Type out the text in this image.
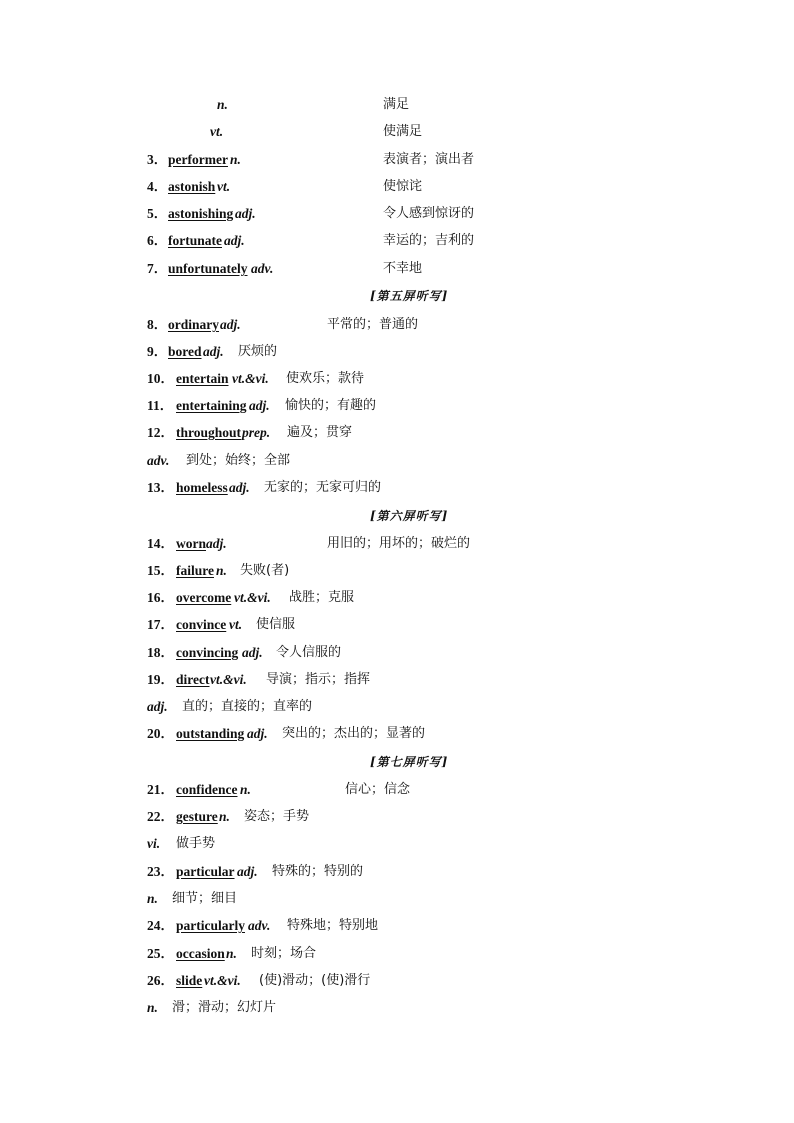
n.	满足
vt.	使满足
3． performer n.	表演者；演出者
4． astonish vt.	使惊诧
5． astonishing adj.	令人感到惊讶的
6． fortunate adj.	幸运的；吉利的
7． unfortunately adv.	不幸地
[第五屏听写]
8． ordinary adj.	平常的；普通的
9． bored adj. 厌烦的
10． entertain vt.&vi. 使欢乐；款待
11． entertaining adj. 愉快的；有趣的
12． throughout prep. 遍及；贯穿
adv. 到处；始终；全部
13． homeless adj. 无家的；无家可归的
[第六屏听写]
14． worn adj.	用旧的；用坏的；破烂的
15． failure n. 失败(者)
16． overcome vt.&vi. 战胜；克服
17． convince vt. 使信服
18． convincing adj. 令人信服的
19． direct vt.&vi. 导演；指示；指挥
adj. 直的；直接的；直率的
20． outstanding adj. 突出的；杰出的；显著的
[第七屏听写]
21． confidence n.	信心；信念
22． gesture n. 姿态；手势
vi. 做手势
23． particular adj. 特殊的；特别的
n. 细节；细目
24． particularly adv. 特殊地；特别地
25． occasion n. 时刻；场合
26． slide vt.&vi. (使)滑动；(使)滑行
n. 滑；滑动；幻灯片
